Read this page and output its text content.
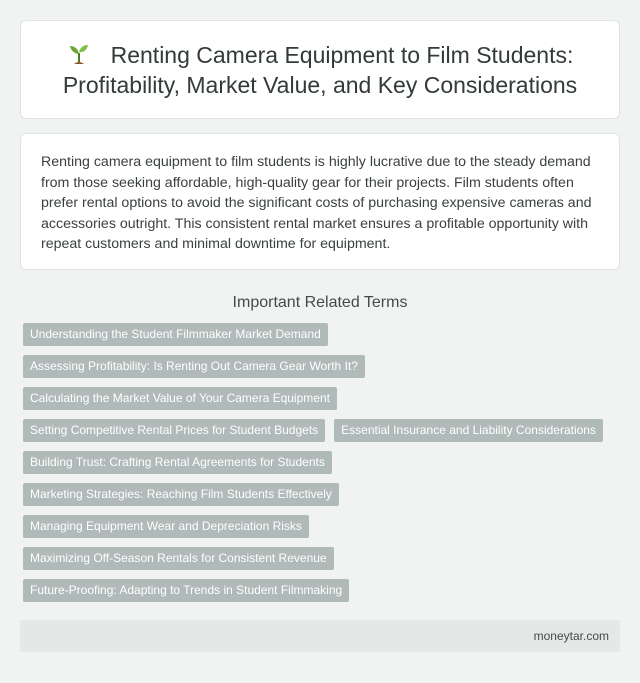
Renting Camera Equipment to Film Students: Profitability, Market Value, and Key Considerations

Renting camera equipment to film students is highly lucrative due to the steady demand from those seeking affordable, high-quality gear for their projects. Film students often prefer rental options to avoid the significant costs of purchasing expensive cameras and accessories outright. This consistent rental market ensures a profitable opportunity with repeat customers and minimal downtime for equipment.

Important Related Terms
Understanding the Student Filmmaker Market Demand
Assessing Profitability: Is Renting Out Camera Gear Worth It?
Calculating the Market Value of Your Camera Equipment
Setting Competitive Rental Prices for Student Budgets	Essential Insurance and Liability Considerations
Building Trust: Crafting Rental Agreements for Students
Marketing Strategies: Reaching Film Students Effectively
Managing Equipment Wear and Depreciation Risks
Maximizing Off-Season Rentals for Consistent Revenue
Future-Proofing: Adapting to Trends in Student Filmmaking
moneytar.com
